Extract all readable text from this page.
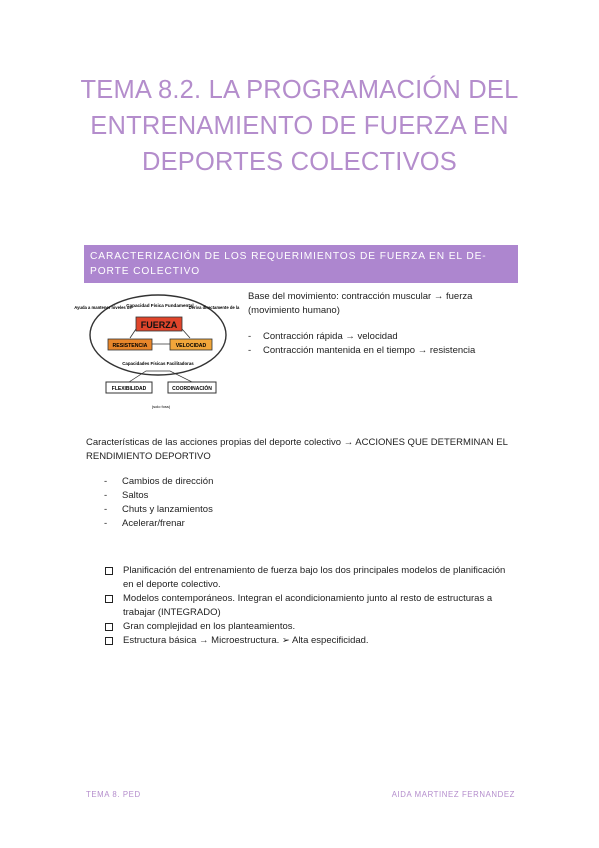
TEMA 8.2. LA PROGRAMACIÓN DEL ENTRENAMIENTO DE FUERZA EN DEPORTES COLECTIVOS
CARACTERIZACIÓN DE LOS REQUERIMIENTOS DE FUERZA EN EL DE-PORTE COLECTIVO
Capacidad Física Fundamental
Ayuda a mantener niveles de	Deriva directamente de la
FUERZA
RESISTENCIA	VELOCIDAD
Capacidades Físicas Facilitadoras
FLEXIBILIDAD	COORDINACIÓN
(solo foss)

Base del movimiento: contracción muscular → fuerza (movimiento humano)

-	Contracción rápida → velocidad
-	Contracción mantenida en el tiempo → resistencia
Características de las acciones propias del deporte colectivo → ACCIONES QUE DETERMINAN EL RENDIMIENTO DEPORTIVO
-	Cambios de dirección
-	Saltos
-	Chuts y lanzamientos
-	Acelerar/frenar
Planificación del entrenamiento de fuerza bajo los dos principales modelos de planificación en el deporte colectivo.
Modelos contemporáneos. Integran el acondicionamiento junto al resto de estructuras a trabajar (INTEGRADO)
Gran complejidad en los planteamientos.
Estructura básica → Microestructura. ➢ Alta especificidad.
TEMA 8. PED	AIDA MARTINEZ FERNANDEZ
